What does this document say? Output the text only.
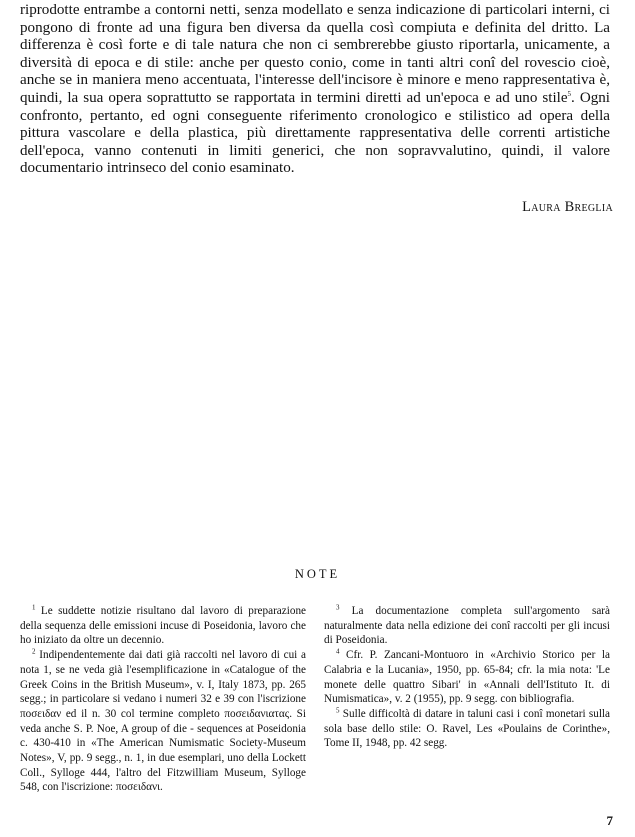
riprodotte entrambe a contorni netti, senza modellato e senza indicazione di particolari interni, ci pongono di fronte ad una figura ben diversa da quella così compiuta e definita del dritto. La differenza è così forte e di tale natura che non ci sembrerebbe giusto riportarla, unicamente, a diversità di epoca e di stile: anche per questo conio, come in tanti altri conî del rovescio cioè, anche se in maniera meno accentuata, l'interesse dell'incisore è minore e meno rappresentativa è, quindi, la sua opera soprattutto se rapportata in termini diretti ad un'epoca e ad uno stile$^5$. Ogni confronto, pertanto, ed ogni conseguente riferimento cronologico e stilistico ad opera della pittura vascolare e della plastica, più direttamente rappresentativa delle correnti artistiche dell'epoca, vanno contenuti in limiti generici, che non sopravvalutino, quindi, il valore documentario intrinseco del conio esaminato.

Laura Breglia
NOTE

$^1$ Le suddette notizie risultano dal lavoro di preparazione della sequenza delle emissioni incuse di Poseidonia, lavoro che ho iniziato da oltre un decennio.

$^2$ Indipendentemente dai dati già raccolti nel lavoro di cui a nota 1, se ne veda già l'esemplificazione in «Catalogue of the Greek Coins in the British Museum», v. I, Italy 1873, pp. 265 segg.; in particolare si vedano i numeri 32 e 39 con l'iscrizione ποσειδαν ed il n. 30 col termine completo ποσειδανιατας. Si veda anche S. P. Noe, A group of die - sequences at Poseidonia c. 430-410 in «The American Numismatic Society-Museum Notes», V, pp. 9 segg., n. 1, in due esemplari, uno della Lockett Coll., Sylloge 444, l'altro del Fitzwilliam Museum, Sylloge 548, con l'iscrizione: ποσειδανι.

$^3$ La documentazione completa sull'argomento sarà naturalmente data nella edizione dei conî raccolti per gli incusi di Poseidonia.

$^4$ Cfr. P. Zancani-Montuoro in «Archivio Storico per la Calabria e la Lucania», 1950, pp. 65-84; cfr. la mia nota: 'Le monete delle quattro Sibari' in «Annali dell'Istituto It. di Numismatica», v. 2 (1955), pp. 9 segg. con bibliografia.

$^5$ Sulle difficoltà di datare in taluni casi i conî monetari sulla sola base dello stile: O. Ravel, Les «Poulains de Corinthe», Tome II, 1948, pp. 42 segg.

7
